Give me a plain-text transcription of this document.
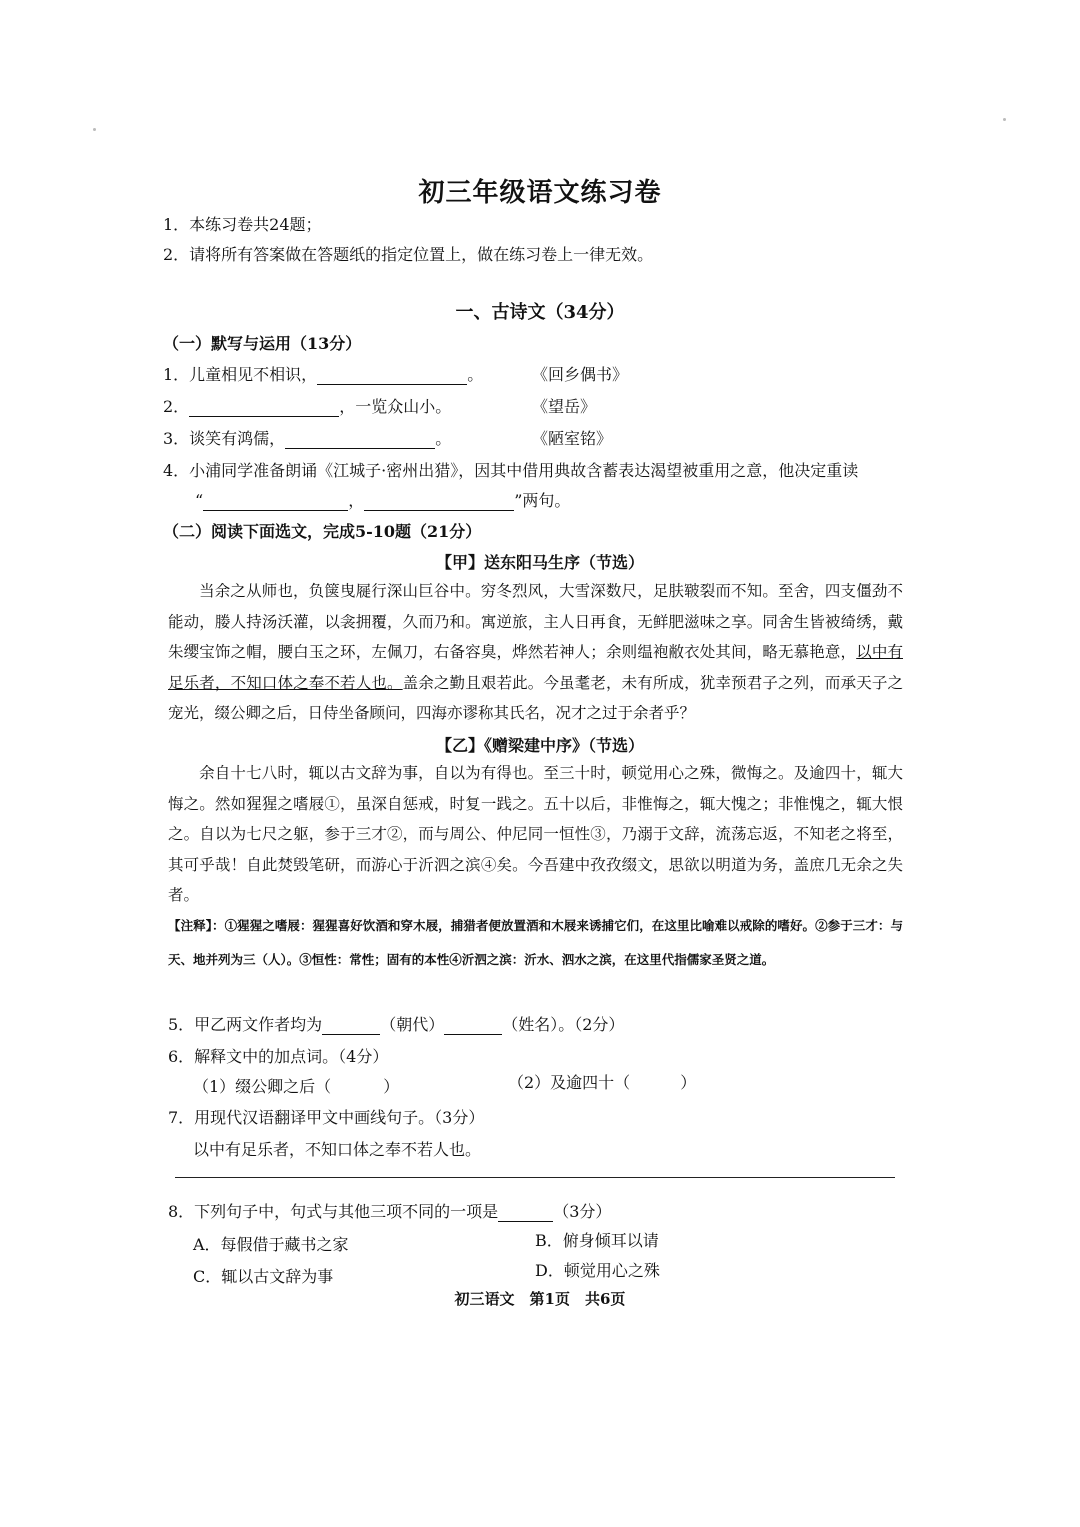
初三年级语文练习卷
1．本练习卷共24题；
2．请将所有答案做在答题纸的指定位置上，做在练习卷上一律无效。
一、古诗文（34分）
（一）默写与运用（13分）
1．儿童相见不相识，	。	《回乡偶书》
2．	，一览众山小。	《望岳》
3．谈笑有鸿儒，	。	《陋室铭》
4．小浦同学准备朗诵《江城子·密州出猎》，因其中借用典故含蓄表达渴望被重用之意，他决定重读
“	，	”两句。
（二）阅读下面选文，完成5-10题（21分）
【甲】送东阳马生序（节选）
  当余之从师也，负箧曳屣行深山巨谷中。穷冬烈风，大雪深数尺，足肤皲裂而不知。至舍，四支僵劲不能动，媵人持汤沃灌，以衾拥覆，久而乃和。寓逆旅，主人日再食，无鲜肥滋味之享。同舍生皆被绮绣，戴朱缨宝饰之帽，腰白玉之环，左佩刀，右备容臭，烨然若神人；余则缊袍敝衣处其间，略无慕艳意，以中有足乐者，不知口体之奉不若人也。盖余之勤且艰若此。今虽耄老，未有所成，犹幸预君子之列，而承天子之宠光，缀公卿之后，日侍坐备顾问，四海亦谬称其氏名，况才之过于余者乎？
【乙】《赠梁建中序》（节选）
  余自十七八时，辄以古文辞为事，自以为有得也。至三十时，顿觉用心之殊，微悔之。及逾四十，辄大悔之。然如猩猩之嗜屐①，虽深自惩戒，时复一践之。五十以后，非惟悔之，辄大愧之；非惟愧之，辄大恨之。自以为七尺之躯，参于三才②，而与周公、仲尼同一恒性③，乃溺于文辞，流荡忘返，不知老之将至，其可乎哉！自此焚毁笔研，而游心于沂泗之滨④矣。今吾建中孜孜缀文，思欲以明道为务，盖庶几无余之失者。
【注释】：①猩猩之嗜屐：猩猩喜好饮酒和穿木屐，捕猎者便放置酒和木屐来诱捕它们，在这里比喻难以戒除的嗜好。②参于三才：与天、地并列为三（人）。③恒性：常性；固有的本性④沂泗之滨：沂水、泗水之滨，在这里代指儒家圣贤之道。
5．甲乙两文作者均为	（朝代）	（姓名）。（2分）
6．解释文中的加点词。（4分）
（1）缀公卿之后（	）	（2）及逾四十（	）
7．用现代汉语翻译甲文中画线句子。（3分）
以中有足乐者，不知口体之奉不若人也。
8．下列句子中，句式与其他三项不同的一项是	（3分）
A．每假借于藏书之家	B．俯身倾耳以请
C．辄以古文辞为事	D．顿觉用心之殊
初三语文　第1页　共6页
